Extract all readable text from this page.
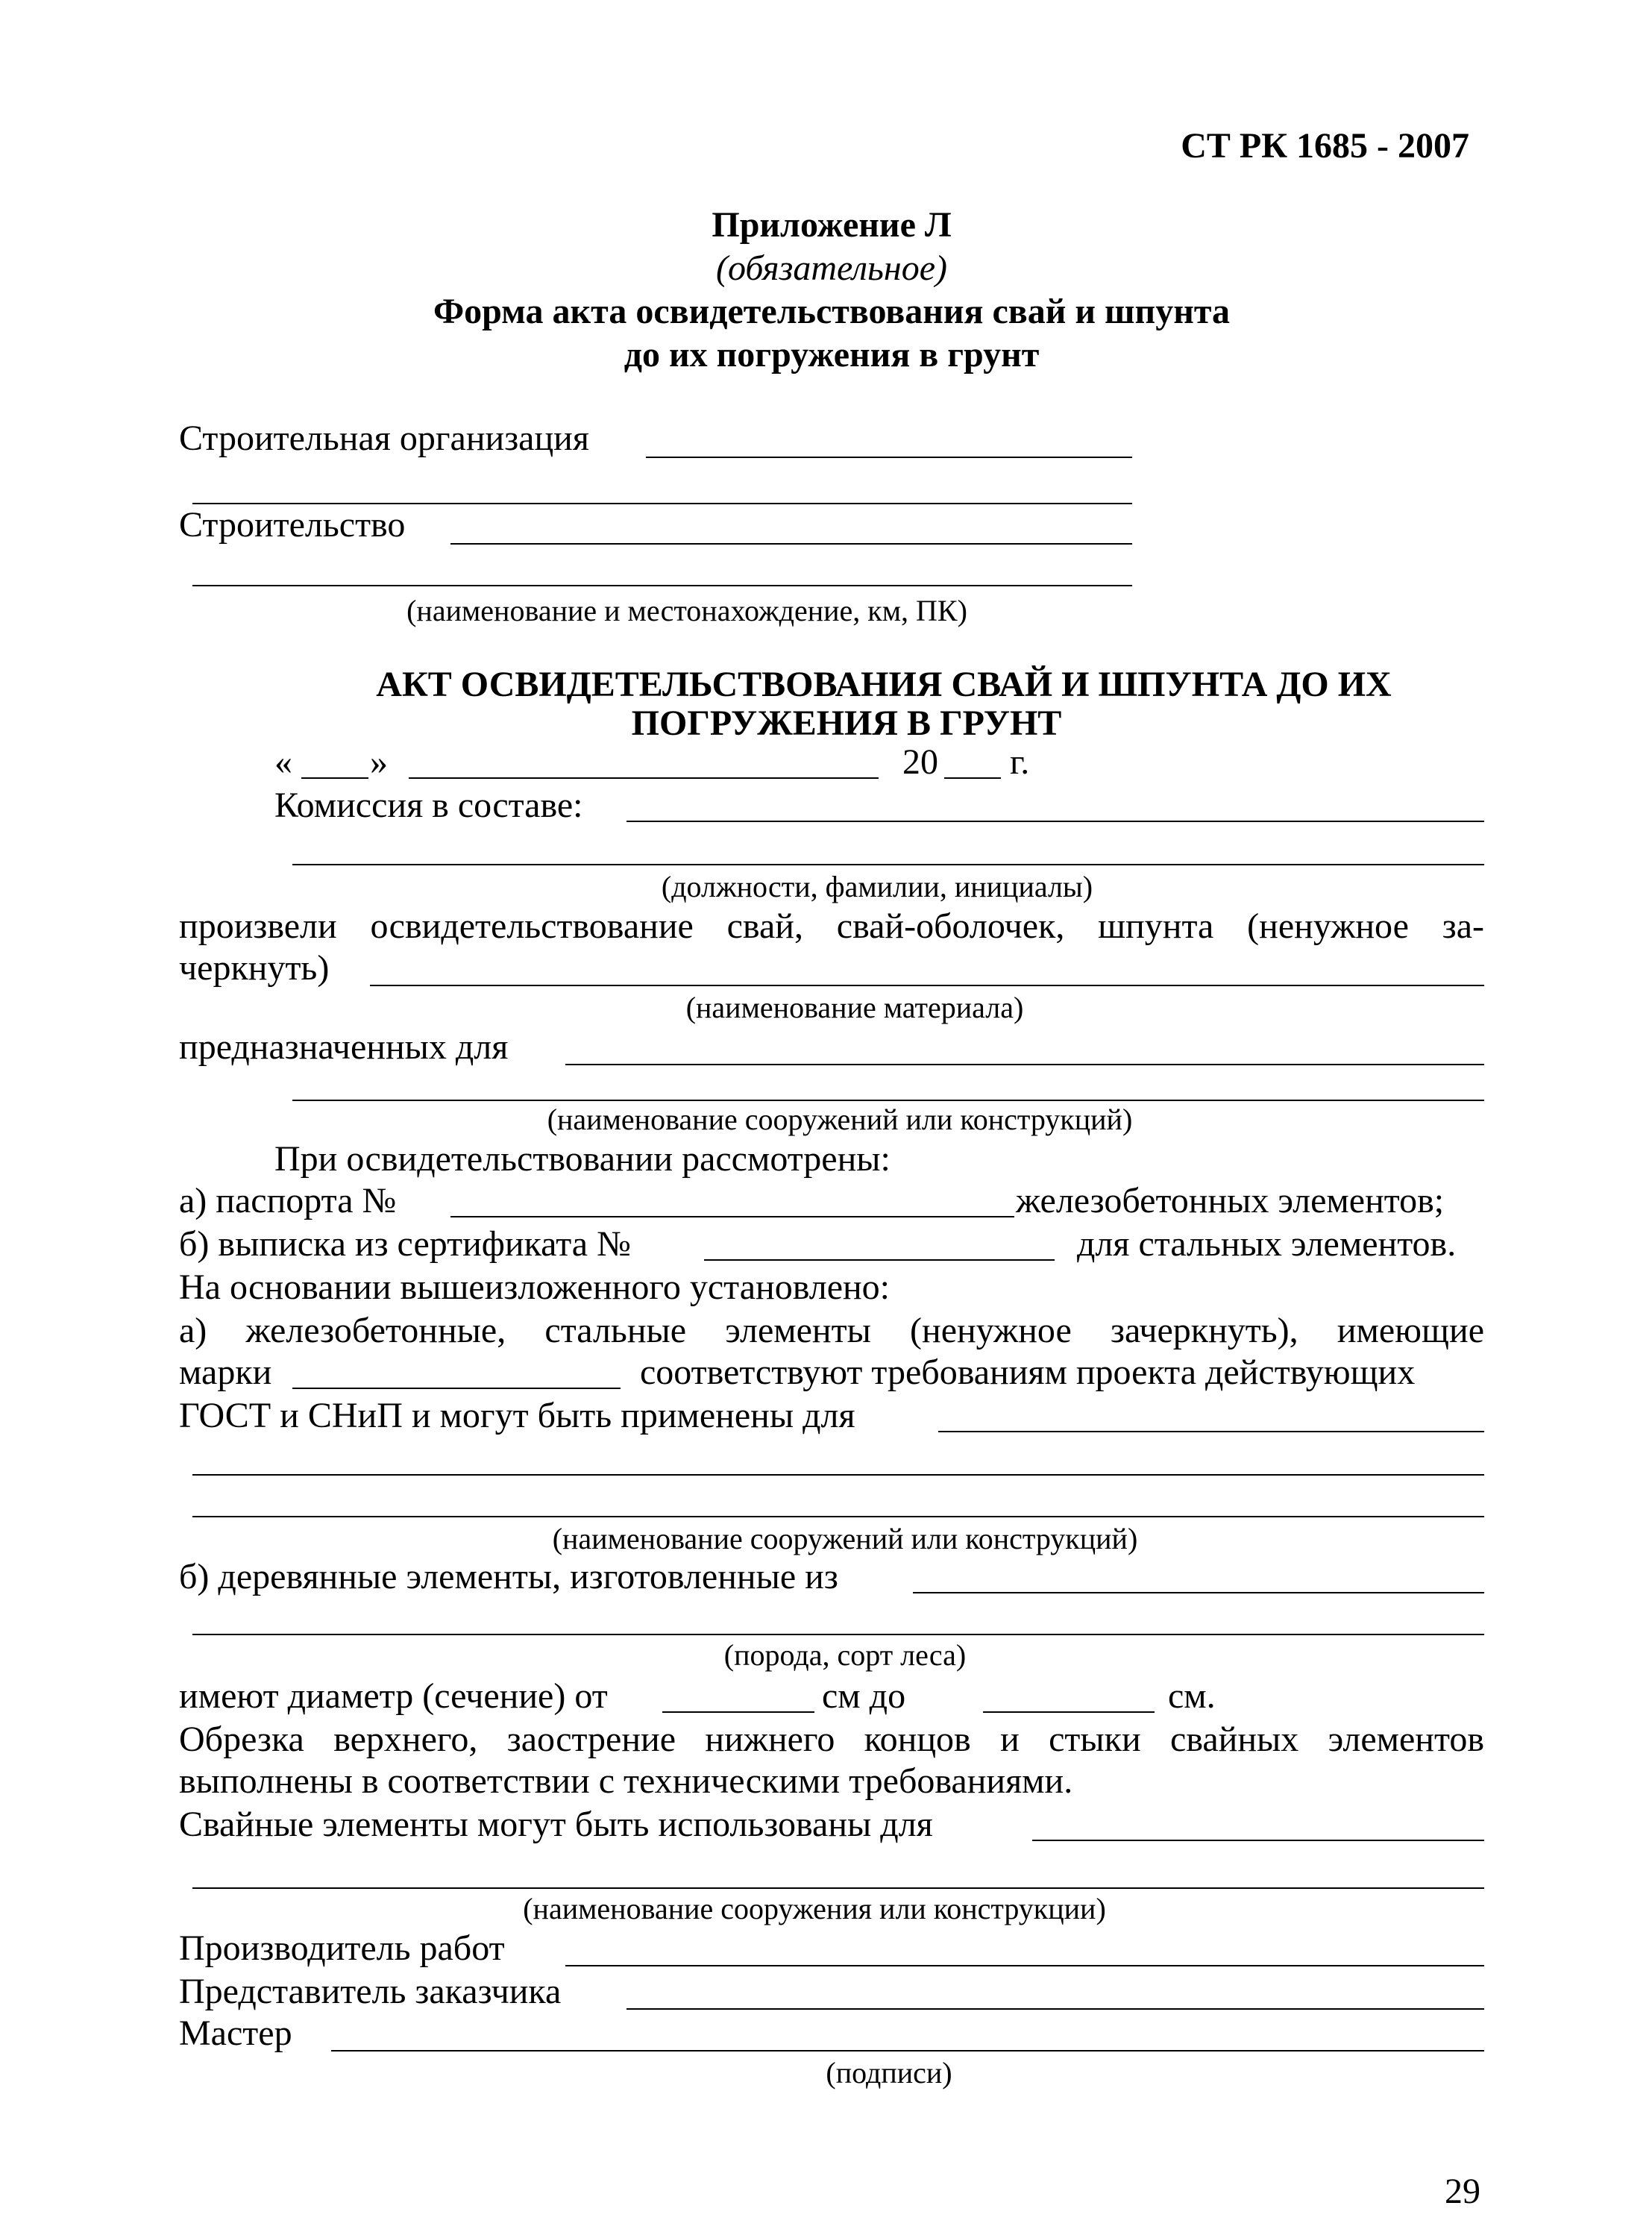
СТ РК 1685 - 2007
Приложение Л
(обязательное)
Форма акта освидетельствования свай и шпунта
до их погружения в грунт
Строительная организация
Строительство
(наименование и местонахождение, км, ПК)
АКТ ОСВИДЕТЕЛЬСТВОВАНИЯ СВАЙ И ШПУНТА ДО ИХ
ПОГРУЖЕНИЯ В ГРУНТ
« »	20 г.
Комиссия в составе:
(должности, фамилии, инициалы)
произвели освидетельствование свай, свай-оболочек, шпунта (ненужное за-
черкнуть)
(наименование материала)
предназначенных для
(наименование сооружений или конструкций)
При освидетельствовании рассмотрены:
а) паспорта №	железобетонных элементов;
б) выписка из сертификата №	для стальных элементов.
На основании вышеизложенного установлено:
а) железобетонные, стальные элементы (ненужное зачеркнуть), имеющие
марки	соответствуют требованиям проекта действующих
ГОСТ и СНиП и могут быть применены для
(наименование сооружений или конструкций)
б) деревянные элементы, изготовленные из
(порода, сорт леса)
имеют диаметр (сечение) от	см до	см.
Обрезка верхнего, заострение нижнего концов и стыки свайных элементов
выполнены в соответствии с техническими требованиями.
Свайные элементы могут быть использованы для
(наименование сооружения или конструкции)
Производитель работ
Представитель заказчика
Мастер
(подписи)
29
